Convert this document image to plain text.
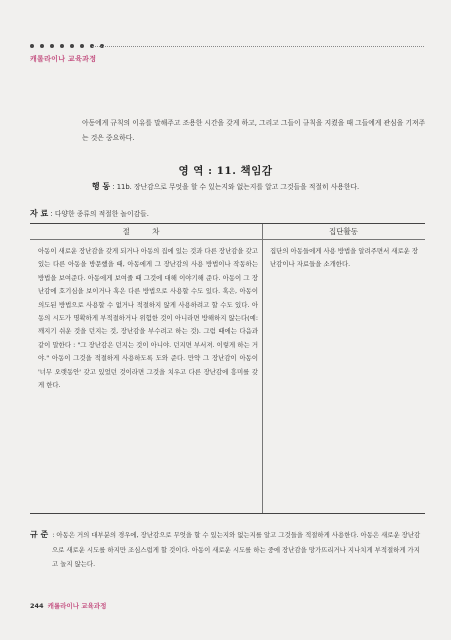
캐롤라이나 교육과정
아동에게 규칙의 이유를 말해주고 조용한 시간을 갖게 하고, 그리고 그들이 규칙을 지켰을 때 그들에게 관심을 기져주는 것은 중요하다.
영 역 : 11. 책임감
행 동 : 11b. 장난감으로 무엇을 할 수 있는지와 없는지를 알고 그것들을 적절히 사용한다.
자 료 : 다양한 종류의 적절한 놀이감들.
절 차	집단활동
아동이 새로운 장난감을 갖게 되거나 아동의 집에 있는 것과 다른 장난감을 갖고 있는 다른 아동을 방문했을 때, 아동에게 그 장난감의 사용 방법이나 작동하는 방법을 보여준다. 아동에게 보여줄 때 그것에 대해 이야기해 준다. 아동이 그 장난감에 호기심을 보이거나 혹은 다른 방법으로 사용할 수도 있다. 혹은, 아동이 의도된 방법으로 사용할 수 없거나 적절하지 않게 사용하려고 할 수도 있다. 아동의 시도가 명확하게 부적절하거나 위험한 것이 아니라면 방해하지 않는다(예: 깨지기 쉬운 것을 던지는 것, 장난감을 부수려고 하는 것). 그럼 때에는 다음과 같이 말한다 : "그 장난감은 던지는 것이 아니야. 던지면 부서져. 이렇게 하는 거야." 아동이 그것을 적절하게 사용하도록 도와 준다. 만약 그 장난감이 아동이 '너무 오랫동안' 갖고 있었던 것이라면 그것을 치우고 다른 장난감에 흥미를 갖게 한다.
집단의 아동들에게 사용 방법을 알려주면서 새로운 장난감이나 자료들을 소개한다.
규 준 : 아동은 거의 대부분의 경우에, 장난감으로 무엇을 할 수 있는지와 없는지를 알고 그것들을 적절하게 사용한다. 아동은 새로운 장난감으로 새로운 시도를 하지만 조심스럽게 할 것이다. 아동이 새로운 시도를 하는 중에 장난감을 망가뜨리거나 지나치게 부적절하게 가지고 놀지 않는다.
244 캐롤라이나 교육과정
